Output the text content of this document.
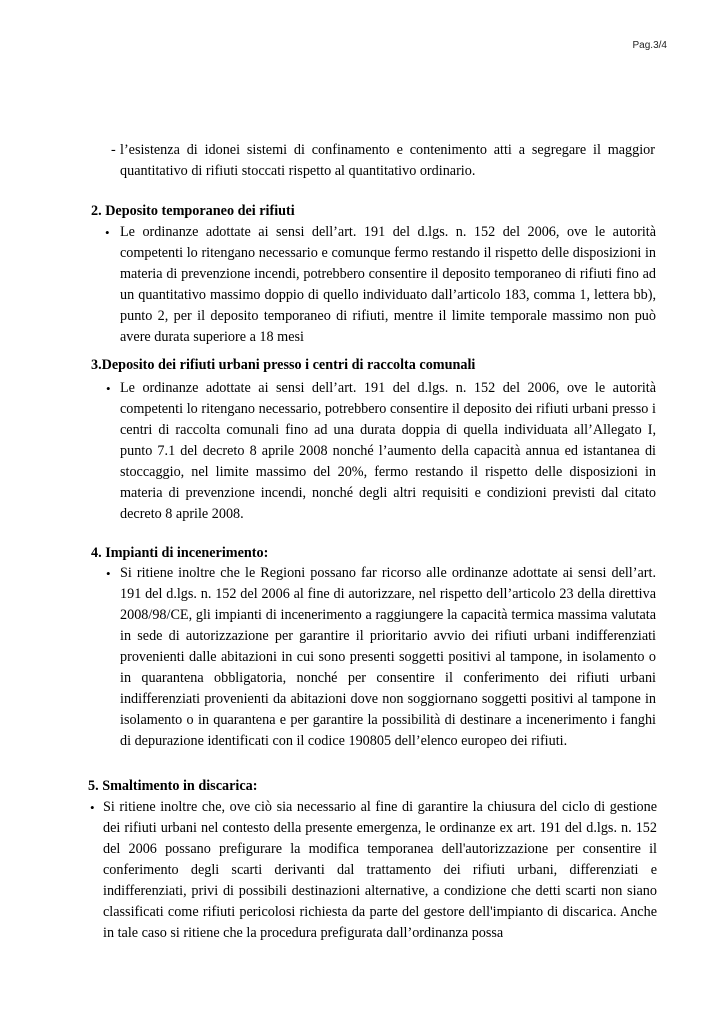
Pag.3/4
- l’esistenza di idonei sistemi di confinamento e contenimento atti a segregare il maggior quantitativo di rifiuti stoccati rispetto al quantitativo ordinario.
2. Deposito temporaneo dei rifiuti
• Le ordinanze adottate ai sensi dell’art. 191 del d.lgs. n. 152 del 2006, ove le autorità competenti lo ritengano necessario e comunque fermo restando il rispetto delle disposizioni in materia di prevenzione incendi, potrebbero consentire il deposito temporaneo di rifiuti fino ad un quantitativo massimo doppio di quello individuato dall’articolo 183, comma 1, lettera bb), punto 2, per il deposito temporaneo di rifiuti, mentre il limite temporale massimo non può avere durata superiore a 18 mesi
3.Deposito dei rifiuti urbani presso i centri di raccolta comunali
• Le ordinanze adottate ai sensi dell’art. 191 del d.lgs. n. 152 del 2006, ove le autorità competenti lo ritengano necessario, potrebbero consentire il deposito dei rifiuti urbani presso i centri di raccolta comunali fino ad una durata doppia di quella individuata all’Allegato I, punto 7.1 del decreto 8 aprile 2008 nonché l’aumento della capacità annua ed istantanea di stoccaggio, nel limite massimo del 20%, fermo restando il rispetto delle disposizioni in materia di prevenzione incendi, nonché degli altri requisiti e condizioni previsti dal citato decreto 8 aprile 2008.
4. Impianti di incenerimento:
• Si ritiene inoltre che le Regioni possano far ricorso alle ordinanze adottate ai sensi dell’art. 191 del d.lgs. n. 152 del 2006 al fine di autorizzare, nel rispetto dell’articolo 23 della direttiva 2008/98/CE, gli impianti di incenerimento a raggiungere la capacità termica massima valutata in sede di autorizzazione per garantire il prioritario avvio dei rifiuti urbani indifferenziati provenienti dalle abitazioni in cui sono presenti soggetti positivi al tampone, in isolamento o in quarantena obbligatoria, nonché per consentire il conferimento dei rifiuti urbani indifferenziati provenienti da abitazioni dove non soggiornano soggetti positivi al tampone in isolamento o in quarantena e per garantire la possibilità di destinare a incenerimento i fanghi di depurazione identificati con il codice 190805 dell’elenco europeo dei rifiuti.
5. Smaltimento in discarica:
• Si ritiene inoltre che, ove ciò sia necessario al fine di garantire la chiusura del ciclo di gestione dei rifiuti urbani nel contesto della presente emergenza, le ordinanze ex art. 191 del d.lgs. n. 152 del 2006 possano prefigurare la modifica temporanea dell'autorizzazione per consentire il conferimento degli scarti derivanti dal trattamento dei rifiuti urbani, differenziati e indifferenziati, privi di possibili destinazioni alternative, a condizione che detti scarti non siano classificati come rifiuti pericolosi richiesta da parte del gestore dell'impianto di discarica. Anche in tale caso si ritiene che la procedura prefigurata dall’ordinanza possa
